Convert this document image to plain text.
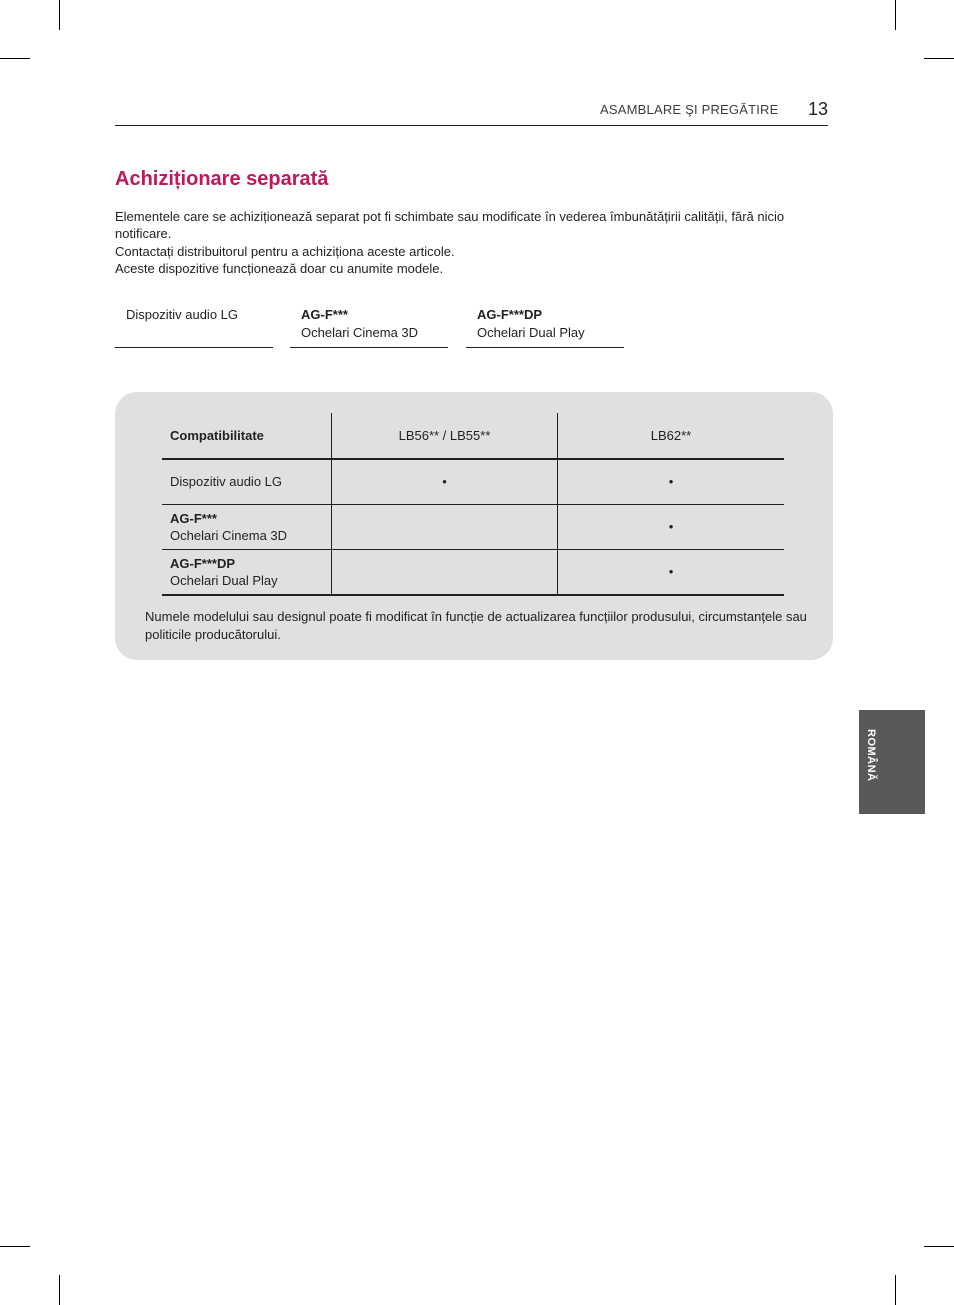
ASAMBLARE ŞI PREGĂTIRE 13
Achiziționare separată

Elementele care se achiziționează separat pot fi schimbate sau modificate în vederea îmbunătățirii calității, fără nicio notificare.

Contactați distribuitorul pentru a achiziționa aceste articole.

Aceste dispozitive funcționează doar cu anumite modele.

Dispozitiv audio LG	AG-F***
Ochelari Cinema 3D
AG-F***DP
Ochelari Dual Play
Compatibilitate	LB56** / LB55**	LB62**
Dispozitiv audio LG	•	•
AG-F***
Ochelari Cinema 3D		•
AG-F***DP
Ochelari Dual Play		•
Numele modelului sau designul poate fi modificat în funcție de actualizarea funcțiilor produsului, circumstanțele sau politicile producătorului.
ROMÂNĂ
